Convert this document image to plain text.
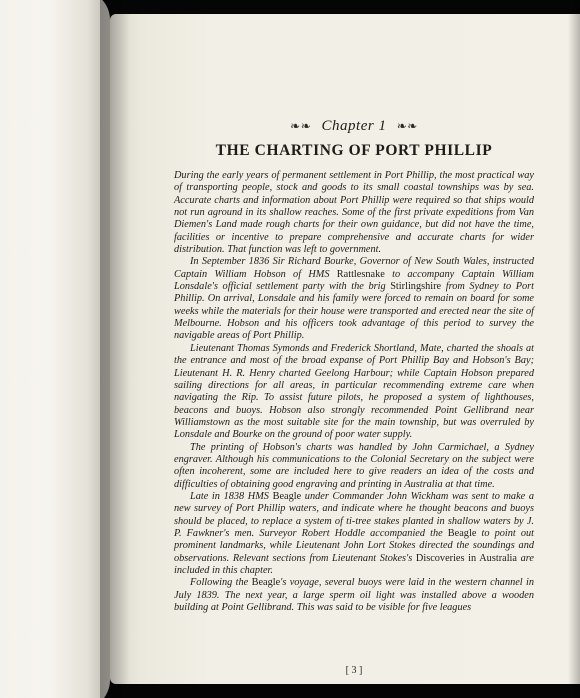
❧❧ Chapter 1 ❧❧
THE CHARTING OF PORT PHILLIP

During the early years of permanent settlement in Port Phillip, the most practical way of transporting people, stock and goods to its small coastal townships was by sea. Accurate charts and information about Port Phillip were required so that ships would not run aground in its shallow reaches. Some of the first private expeditions from Van Diemen's Land made rough charts for their own guidance, but did not have the time, facilities or incentive to prepare comprehensive and accurate charts for wider distribution. That function was left to government.

In September 1836 Sir Richard Bourke, Governor of New South Wales, instructed Captain William Hobson of HMS Rattlesnake to accompany Captain William Lonsdale's official settlement party with the brig Stirlingshire from Sydney to Port Phillip. On arrival, Lonsdale and his family were forced to remain on board for some weeks while the materials for their house were transported and erected near the site of Melbourne. Hobson and his officers took advantage of this period to survey the navigable areas of Port Phillip.

Lieutenant Thomas Symonds and Frederick Shortland, Mate, charted the shoals at the entrance and most of the broad expanse of Port Phillip Bay and Hobson's Bay; Lieutenant H. R. Henry charted Geelong Harbour; while Captain Hobson prepared sailing directions for all areas, in particular recommending extreme care when navigating the Rip. To assist future pilots, he proposed a system of lighthouses, beacons and buoys. Hobson also strongly recommended Point Gellibrand near Williamstown as the most suitable site for the main township, but was overruled by Lonsdale and Bourke on the ground of poor water supply.

The printing of Hobson's charts was handled by John Carmichael, a Sydney engraver. Although his communications to the Colonial Secretary on the subject were often incoherent, some are included here to give readers an idea of the costs and difficulties of obtaining good engraving and printing in Australia at that time.

Late in 1838 HMS Beagle under Commander John Wickham was sent to make a new survey of Port Phillip waters, and indicate where he thought beacons and buoys should be placed, to replace a system of ti-tree stakes planted in shallow waters by J. P. Fawkner's men. Surveyor Robert Hoddle accompanied the Beagle to point out prominent landmarks, while Lieutenant John Lort Stokes directed the soundings and observations. Relevant sections from Lieutenant Stokes's Discoveries in Australia are included in this chapter.

Following the Beagle's voyage, several buoys were laid in the western channel in July 1839. The next year, a large sperm oil light was installed above a wooden building at Point Gellibrand. This was said to be visible for five leagues

[ 3 ]
